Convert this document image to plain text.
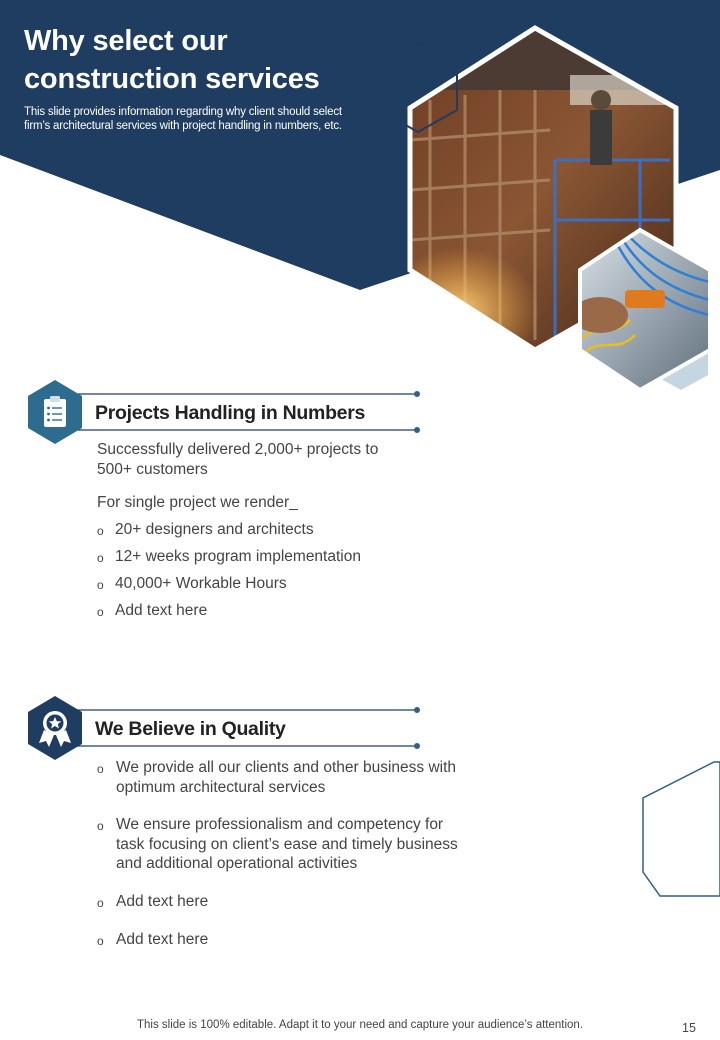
Why select our
construction services
This slide provides information regarding why client should select
firm’s architectural services with project handling in numbers, etc.
Projects Handling in Numbers
Successfully delivered 2,000+ projects to
500+ customers
For single project we render_
o 20+ designers and architects
o 12+ weeks program implementation
o 40,000+ Workable Hours
o Add text here
We Believe in Quality
o We provide all our clients and other business with
optimum architectural services
o We ensure professionalism and competency for
task focusing on client’s ease and timely business
and additional operational activities
o Add text here
o Add text here
This slide is 100% editable. Adapt it to your need and capture your audience’s attention.	15
